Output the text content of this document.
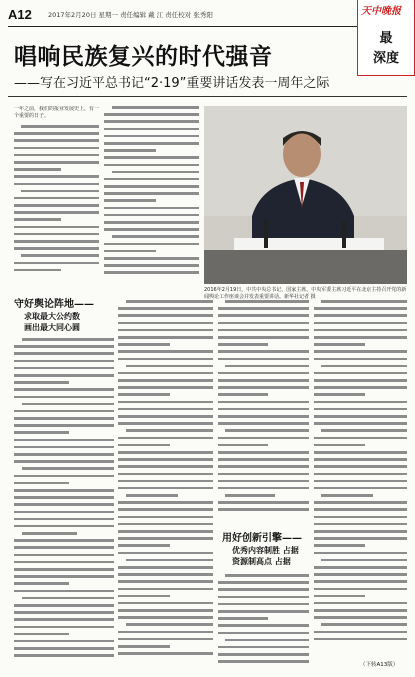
A12 2017年2月20日 星期一 责任编辑 戴 江 责任校对 张秀阳	天中晚报
最
深度
唱响民族复兴的时代强音
——写在习近平总书记“2·19”重要讲话发表一周年之际
一年之前，我们的报业发展史上，有一个重要的日子。
2016年2月19日，中共中央总书记、国家主席、中央军委主席习近平在北京主持召开党的新闻舆论工作座谈会并发表重要讲话。新华社记者 摄
守好舆论阵地——
求取最大公约数
画出最大同心圆
用好创新引擎——
优秀内容制胜 占据
资源制高点 占据
（下转A13版）
